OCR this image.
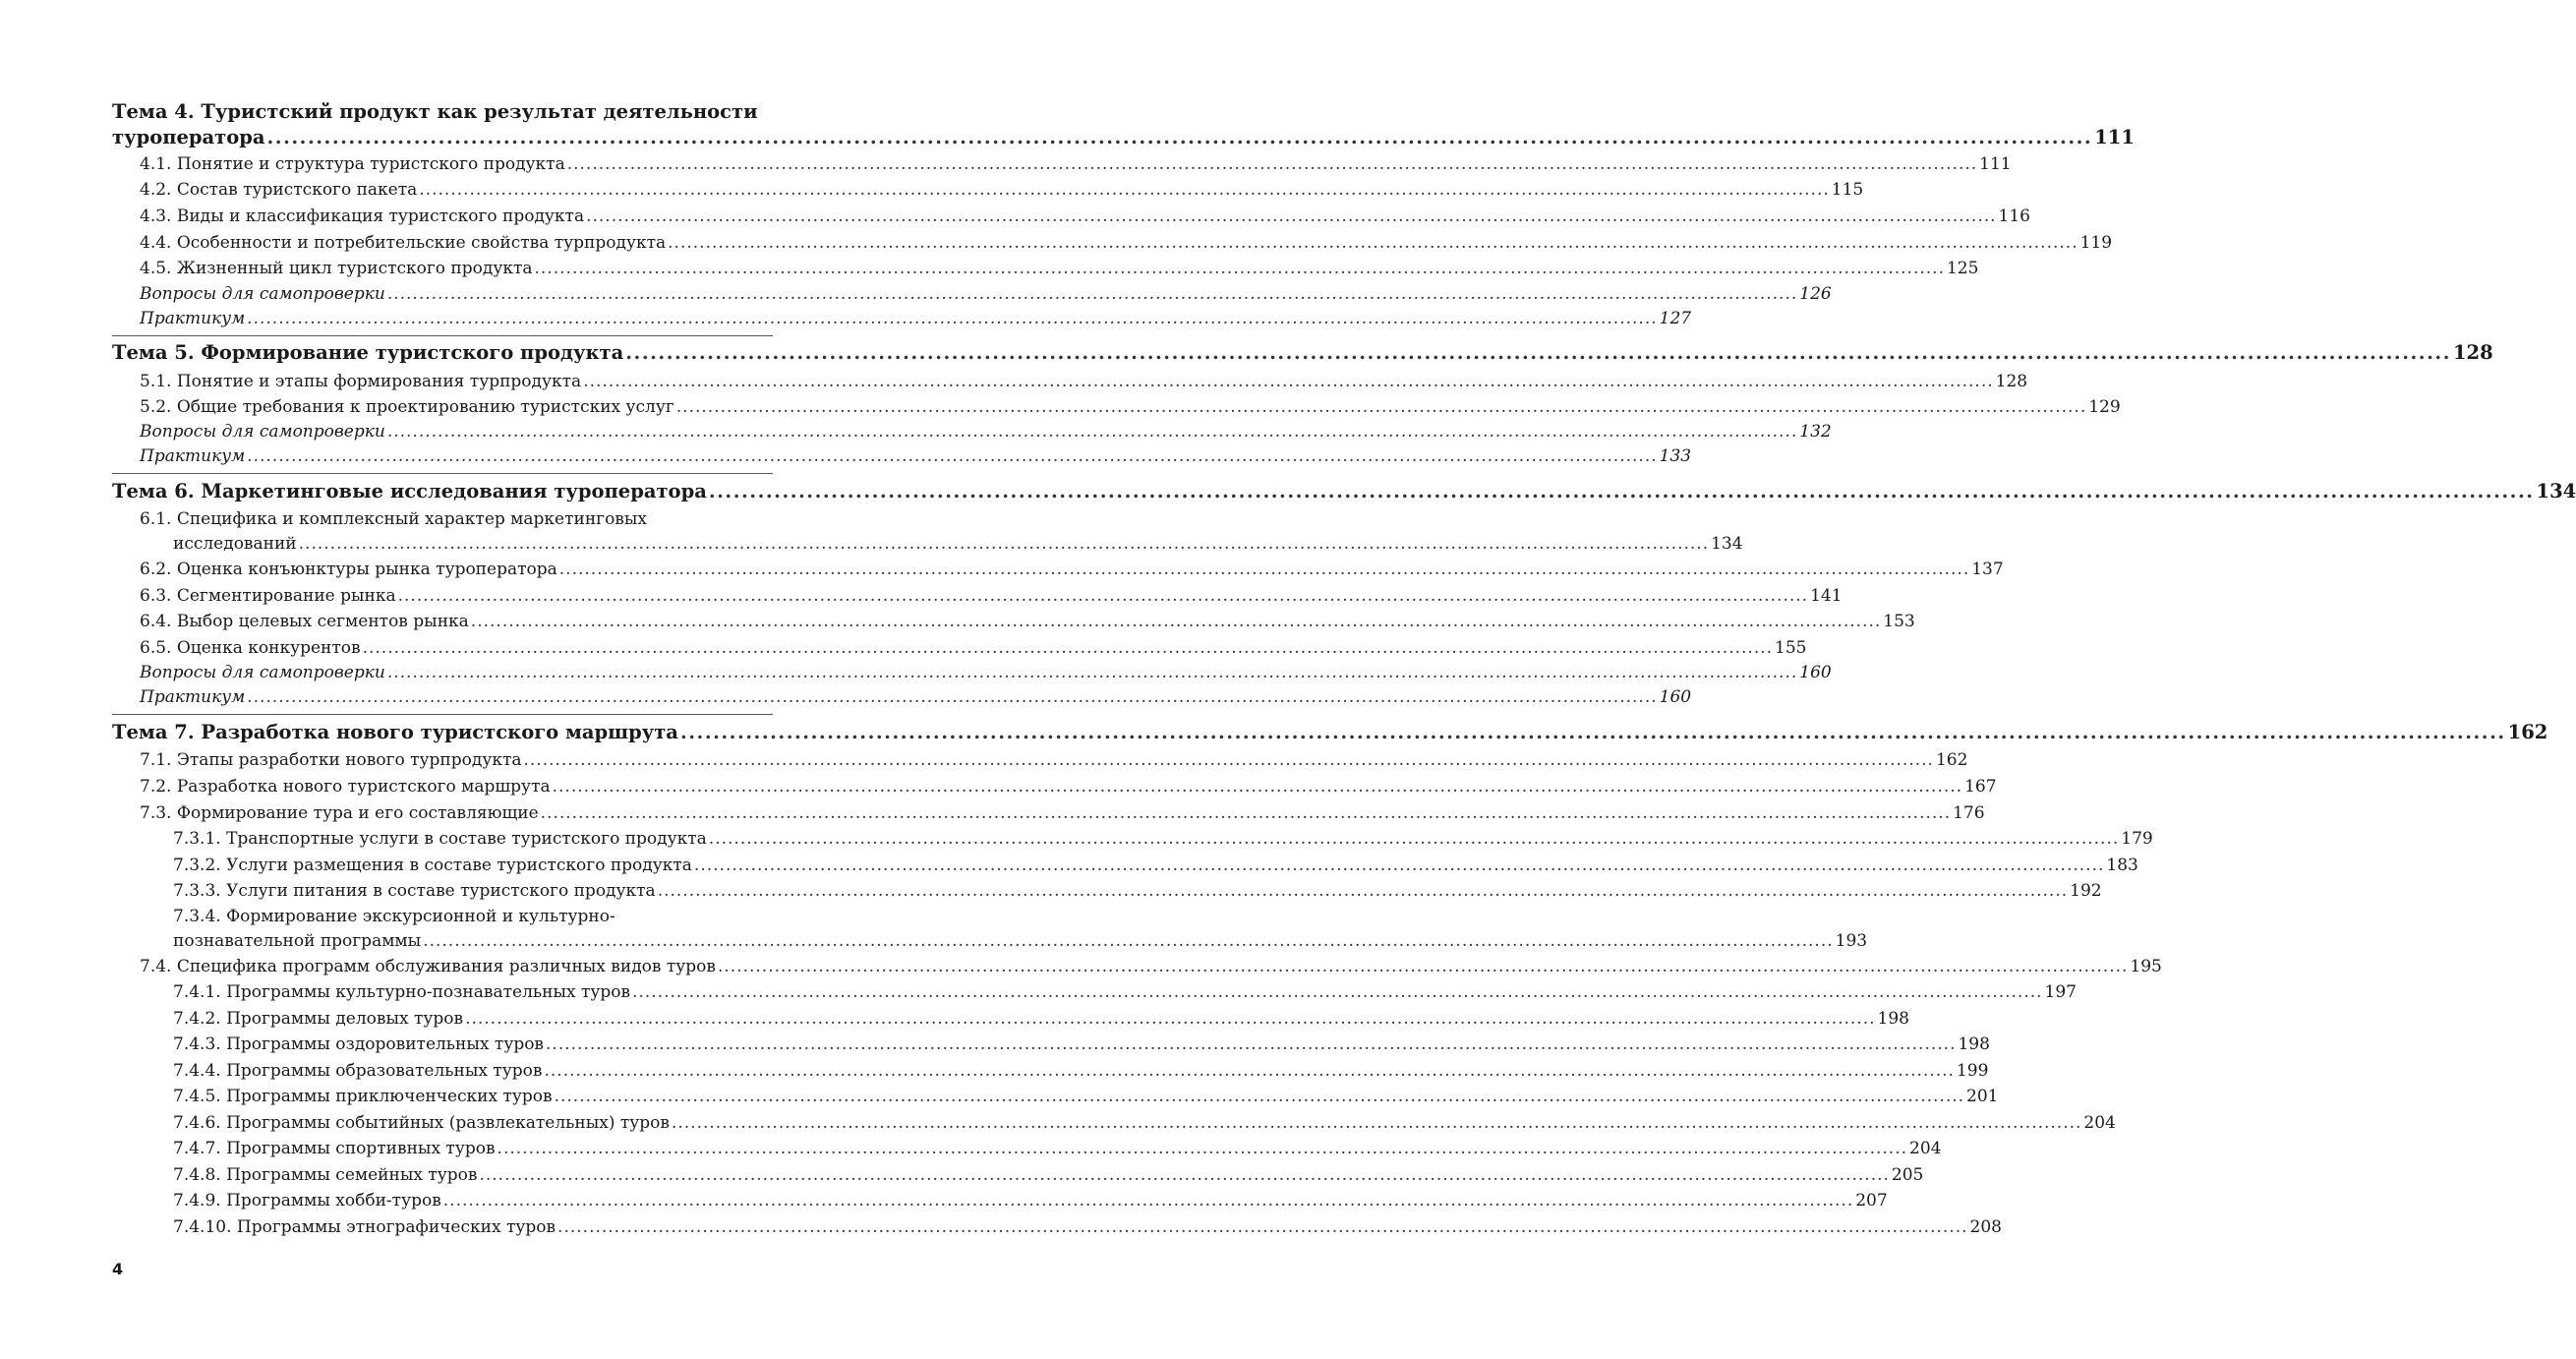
Тема 4. Туристский продукт как результат деятельности
туроператора .....	111
4.1. Понятие и структура туристского продукта .....	111
4.2. Состав туристского пакета .....	115
4.3. Виды и классификация туристского продукта .....	116
4.4. Особенности и потребительские свойства турпродукта .....	119
4.5. Жизненный цикл туристского продукта .....	125
Вопросы для самопроверки .....	126
Практикум .....	127
Тема 5. Формирование туристского продукта .....	128
5.1. Понятие и этапы формирования турпродукта .....	128
5.2. Общие требования к проектированию туристских услуг .....	129
Вопросы для самопроверки .....	132
Практикум .....	133
Тема 6. Маркетинговые исследования туроператора .....	134
6.1. Специфика и комплексный характер маркетинговых
исследований .....	134
6.2. Оценка конъюнктуры рынка туроператора .....	137
6.3. Сегментирование рынка .....	141
6.4. Выбор целевых сегментов рынка .....	153
6.5. Оценка конкурентов .....	155
Вопросы для самопроверки .....	160
Практикум .....	160
Тема 7. Разработка нового туристского маршрута .....	162
7.1. Этапы разработки нового турпродукта .....	162
7.2. Разработка нового туристского маршрута .....	167
7.3. Формирование тура и его составляющие .....	176
7.3.1. Транспортные услуги в составе туристского продукта .....	179
7.3.2. Услуги размещения в составе туристского продукта .....	183
7.3.3. Услуги питания в составе туристского продукта .....	192
7.3.4. Формирование экскурсионной и культурно-
познавательной программы .....	193
7.4. Специфика программ обслуживания различных видов туров .....	195
7.4.1. Программы культурно-познавательных туров .....	197
7.4.2. Программы деловых туров .....	198
7.4.3. Программы оздоровительных туров .....	198
7.4.4. Программы образовательных туров .....	199
7.4.5. Программы приключенческих туров .....	201
7.4.6. Программы событийных (развлекательных) туров .....	204
7.4.7. Программы спортивных туров .....	204
7.4.8. Программы семейных туров .....	205
7.4.9. Программы хобби-туров .....	207
7.4.10. Программы этнографических туров .....	208
4
